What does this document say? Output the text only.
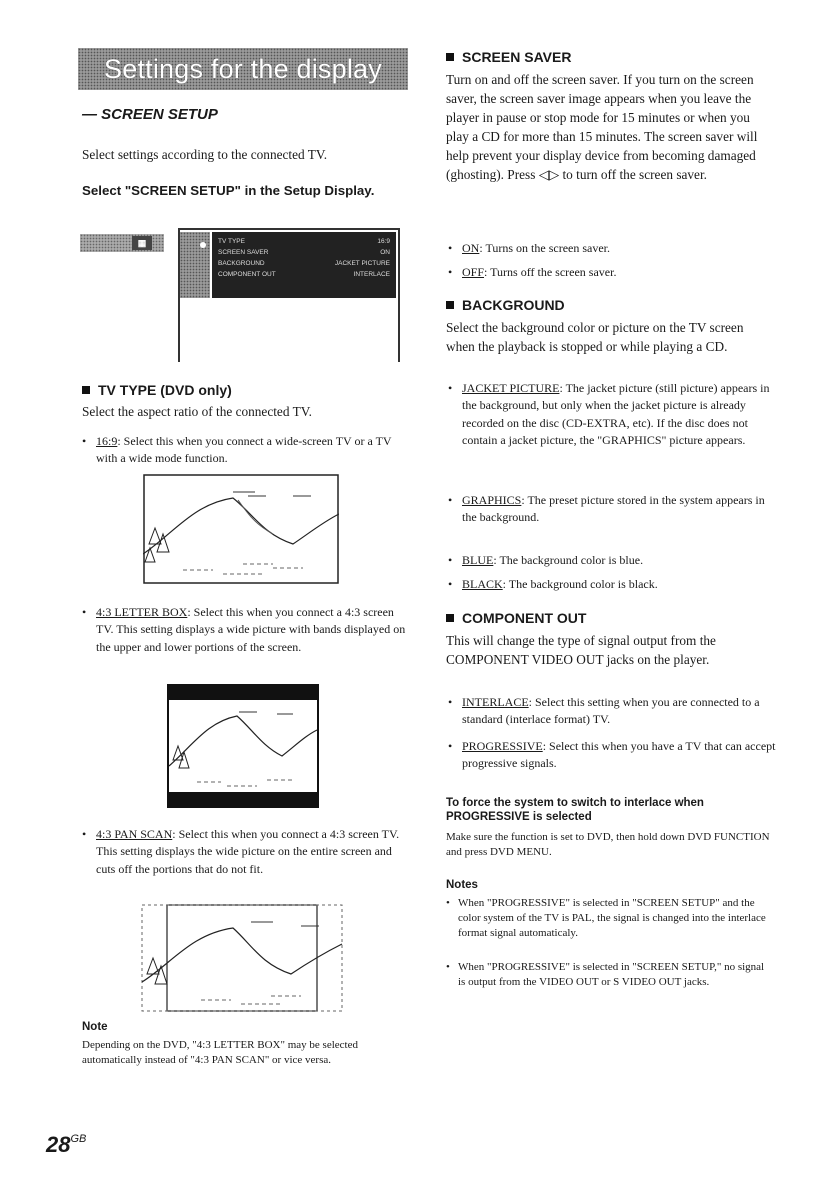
Settings for the display
— SCREEN SETUP
Select settings according to the connected TV.
Select "SCREEN SETUP" in the Setup Display.
▦	TV TYPE	16:9
SCREEN SAVER	ON
BACKGROUND	JACKET PICTURE
COMPONENT OUT	INTERLACE
TV TYPE (DVD only)
Select the aspect ratio of the connected TV.
• 16:9: Select this when you connect a wide-screen TV or a TV with a wide mode function.
• 4:3 LETTER BOX: Select this when you connect a 4:3 screen TV. This setting displays a wide picture with bands displayed on the upper and lower portions of the screen.
• 4:3 PAN SCAN: Select this when you connect a 4:3 screen TV. This setting displays the wide picture on the entire screen and cuts off the portions that do not fit.
Note
Depending on the DVD, "4:3 LETTER BOX" may be selected automatically instead of "4:3 PAN SCAN" or vice versa.
$28^{GB}$
SCREEN SAVER
Turn on and off the screen saver. If you turn on the screen saver, the screen saver image appears when you leave the player in pause or stop mode for 15 minutes or when you play a CD for more than 15 minutes. The screen saver will help prevent your display device from becoming damaged (ghosting). Press ◁▷ to turn off the screen saver.
• ON: Turns on the screen saver.
• OFF: Turns off the screen saver.
BACKGROUND
Select the background color or picture on the TV screen when the playback is stopped or while playing a CD.
• JACKET PICTURE: The jacket picture (still picture) appears in the background, but only when the jacket picture is already recorded on the disc (CD-EXTRA, etc). If the disc does not contain a jacket picture, the "GRAPHICS" picture appears.
• GRAPHICS: The preset picture stored in the system appears in the background.
• BLUE: The background color is blue.
• BLACK: The background color is black.
COMPONENT OUT
This will change the type of signal output from the COMPONENT VIDEO OUT jacks on the player.
• INTERLACE: Select this setting when you are connected to a standard (interlace format) TV.
• PROGRESSIVE: Select this when you have a TV that can accept progressive signals.
To force the system to switch to interlace when PROGRESSIVE is selected
Make sure the function is set to DVD, then hold down DVD FUNCTION and press DVD MENU.
Notes
• When "PROGRESSIVE" is selected in "SCREEN SETUP" and the color system of the TV is PAL, the signal is changed into the interlace format signal automaticaly.
• When "PROGRESSIVE" is selected in "SCREEN SETUP," no signal is output from the VIDEO OUT or S VIDEO OUT jacks.
